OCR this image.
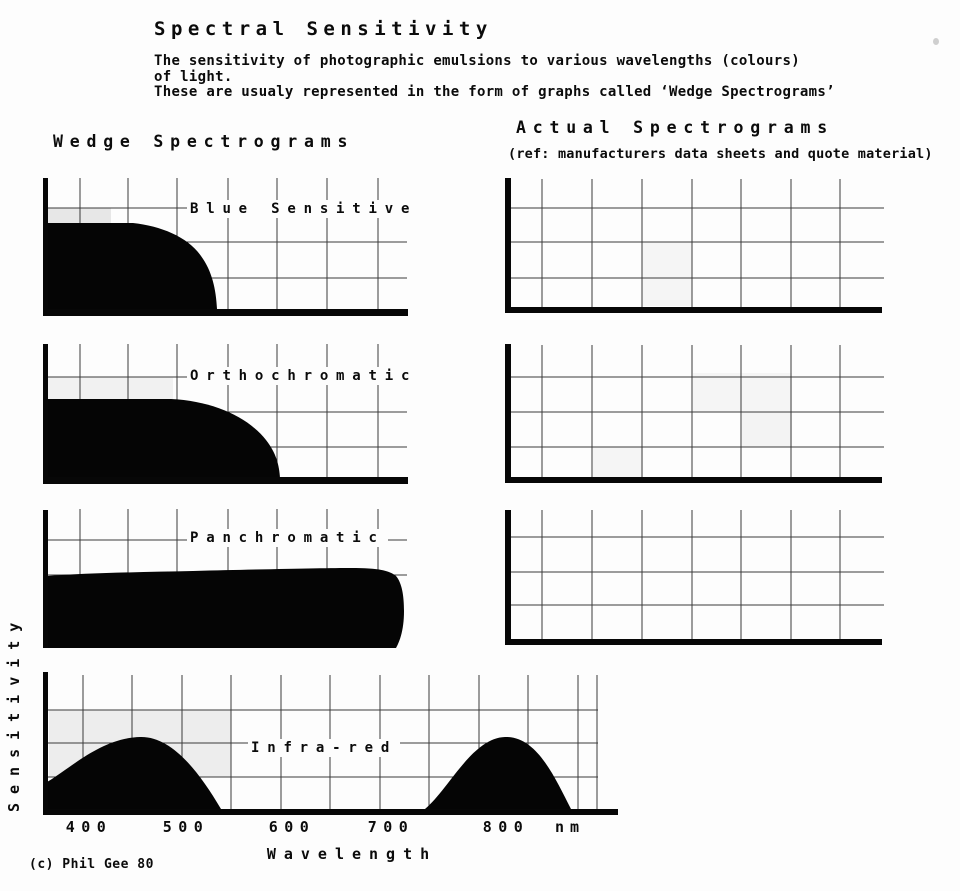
Spectral Sensitivity
The sensitivity of photographic emulsions to various wavelengths (colours)
of light.
These are usualy represented in the form of graphs called ‘Wedge Spectrograms’
Wedge Spectrograms
Actual Spectrograms
(ref: manufacturers data sheets and quote material)
Blue Sensitive
Orthochromatic
Panchromatic
Infra-red
400	500	600	700	800	nm
Wavelength
Sensitivity
(c) Phil Gee 80
